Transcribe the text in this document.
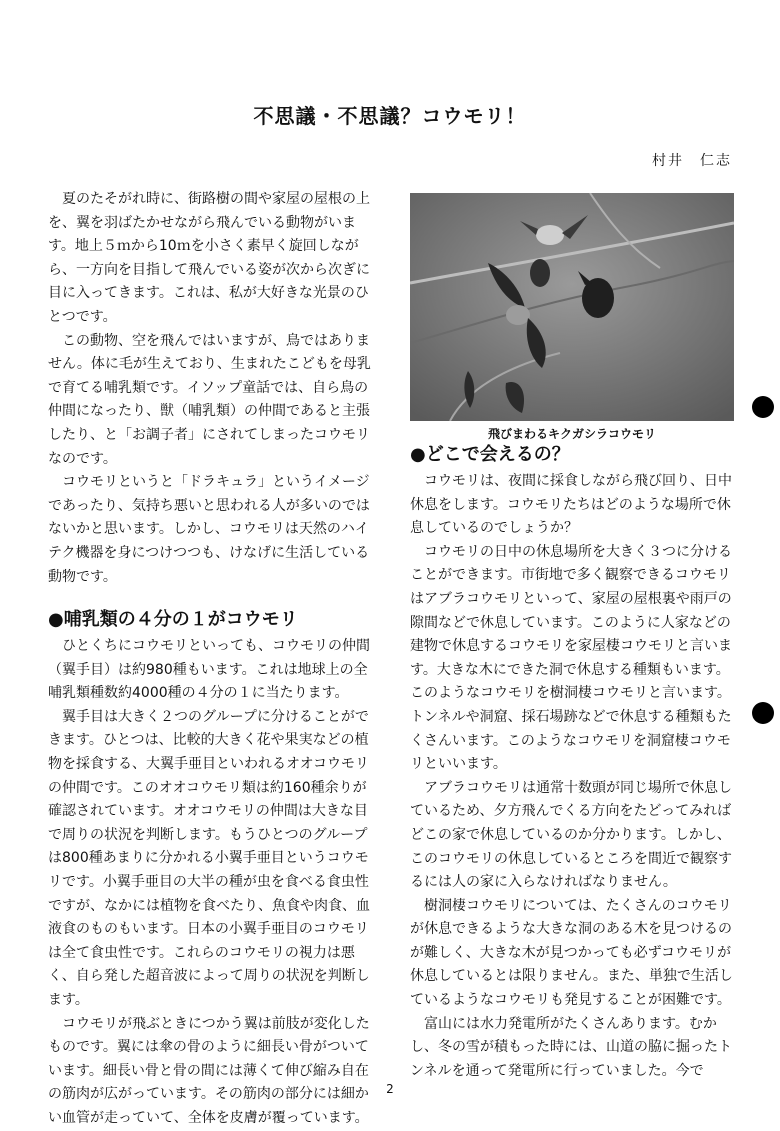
不思議・不思議？コウモリ！
村井　仁志

夏のたそがれ時に、街路樹の間や家屋の屋根の上を、翼を羽ばたかせながら飛んでいる動物がいます。地上５ｍから10ｍを小さく素早く旋回しながら、一方向を目指して飛んでいる姿が次から次ぎに目に入ってきます。これは、私が大好きな光景のひとつです。

この動物、空を飛んではいますが、鳥ではありません。体に毛が生えており、生まれたこどもを母乳で育てる哺乳類です。イソップ童話では、自ら鳥の仲間になったり、獣（哺乳類）の仲間であると主張したり、と「お調子者」にされてしまったコウモリなのです。

コウモリというと「ドラキュラ」というイメージであったり、気持ち悪いと思われる人が多いのではないかと思います。しかし、コウモリは天然のハイテク機器を身につけつつも、けなげに生活している動物です。

●哺乳類の４分の１がコウモリ

ひとくちにコウモリといっても、コウモリの仲間（翼手目）は約980種もいます。これは地球上の全哺乳類種数約4000種の４分の１に当たります。

翼手目は大きく２つのグループに分けることができます。ひとつは、比較的大きく花や果実などの植物を採食する、大翼手亜目といわれるオオコウモリの仲間です。このオオコウモリ類は約160種余りが確認されています。オオコウモリの仲間は大きな目で周りの状況を判断します。もうひとつのグループは800種あまりに分かれる小翼手亜目というコウモリです。小翼手亜目の大半の種が虫を食べる食虫性ですが、なかには植物を食べたり、魚食や肉食、血液食のものもいます。日本の小翼手亜目のコウモリは全て食虫性です。これらのコウモリの視力は悪く、自ら発した超音波によって周りの状況を判断します。

コウモリが飛ぶときにつかう翼は前肢が変化したものです。翼には傘の骨のように細長い骨がついています。細長い骨と骨の間には薄くて伸び縮み自在の筋肉が広がっています。その筋肉の部分には細かい血管が走っていて、全体を皮膚が覆っています。

飛びまわるキクガシラコウモリ
●どこで会えるの？

コウモリは、夜間に採食しながら飛び回り、日中休息をします。コウモリたちはどのような場所で休息しているのでしょうか？

コウモリの日中の休息場所を大きく３つに分けることができます。市街地で多く観察できるコウモリはアブラコウモリといって、家屋の屋根裏や雨戸の隙間などで休息しています。このように人家などの建物で休息するコウモリを家屋棲コウモリと言います。大きな木にできた洞で休息する種類もいます。このようなコウモリを樹洞棲コウモリと言います。トンネルや洞窟、採石場跡などで休息する種類もたくさんいます。このようなコウモリを洞窟棲コウモリといいます。

アブラコウモリは通常十数頭が同じ場所で休息しているため、夕方飛んでくる方向をたどってみればどこの家で休息しているのか分かります。しかし、このコウモリの休息しているところを間近で観察するには人の家に入らなければなりません。

樹洞棲コウモリについては、たくさんのコウモリが休息できるような大きな洞のある木を見つけるのが難しく、大きな木が見つかっても必ずコウモリが休息しているとは限りません。また、単独で生活しているようなコウモリも発見することが困難です。

富山には水力発電所がたくさんあります。むかし、冬の雪が積もった時には、山道の脇に掘ったトンネルを通って発電所に行っていました。今で

2
